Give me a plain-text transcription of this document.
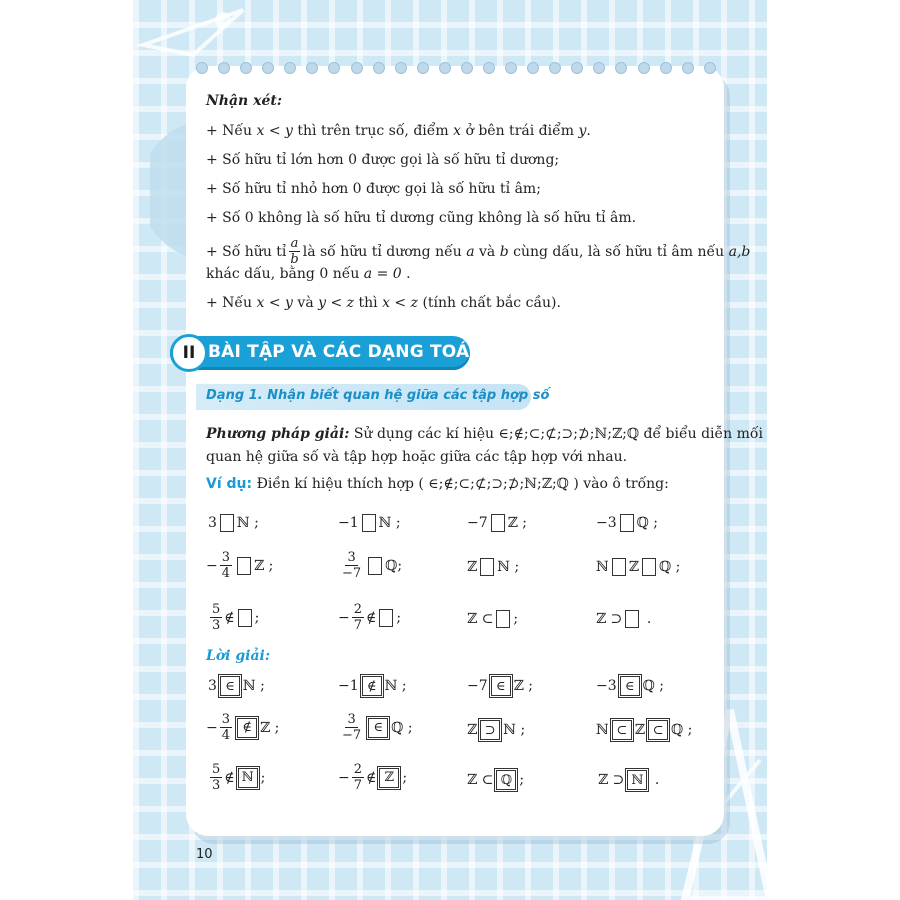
Nhận xét:
+ Nếu x < y thì trên trục số, điểm x ở bên trái điểm y.
+ Số hữu tỉ lớn hơn 0 được gọi là số hữu tỉ dương;
+ Số hữu tỉ nhỏ hơn 0 được gọi là số hữu tỉ âm;
+ Số 0 không là số hữu tỉ dương cũng không là số hữu tỉ âm.
+ Số hữu tỉ $\frac{a}{b}$ là số hữu tỉ dương nếu
a
và
b
cùng dấu, là số hữu tỉ âm nếu
a,b
khác dấu, bằng 0 nếu a = 0 .
+ Nếu x < y và y < z thì x < z (tính chất bắc cầu).
II BÀI TẬP VÀ CÁC DẠNG TOÁN
Dạng 1. Nhận biết quan hệ giữa các tập hợp số
Phương pháp giải: Sử dụng các kí hiệu ∈;∉;⊂;⊄;⊃;⊅;ℕ;ℤ;ℚ để biểu diễn mối
quan hệ giữa số và tập hợp hoặc giữa các tập hợp với nhau.
Ví dụ: Điền kí hiệu thích hợp ( ∈;∉;⊂;⊄;⊃;⊅;ℕ;ℤ;ℚ ) vào ô trống:
3 ℕ ;	−1 ℕ ;	−7 ℤ ;	−3 ℚ ;
− $\frac{3}{4}$ ℤ ;	$\frac{3}{-7}$ ℚ;	ℤ ℕ ;	ℕ ℤ ℚ ;
$\frac{5}{3}$ ∉ ;	− $\frac{2}{7}$ ∉ ;	ℤ ⊂ ;	ℤ ⊃
.
Lời giải:
3 ∈ ℕ ;	−1 ∉ ℕ ;	−7 ∈ ℤ ;	−3 ∈ ℚ ;
− $\frac{3}{4}$ ∉ ℤ ;	$\frac{3}{-7}$ ∈ ℚ ;	ℤ ⊃ ℕ ;	ℕ ⊂ ℤ ⊂ ℚ ;
$\frac{5}{3}$ ∉ ℕ ;	− $\frac{2}{7}$ ∉ ℤ ;	ℤ ⊂ ℚ ;	ℤ ⊃ ℕ
.
10
